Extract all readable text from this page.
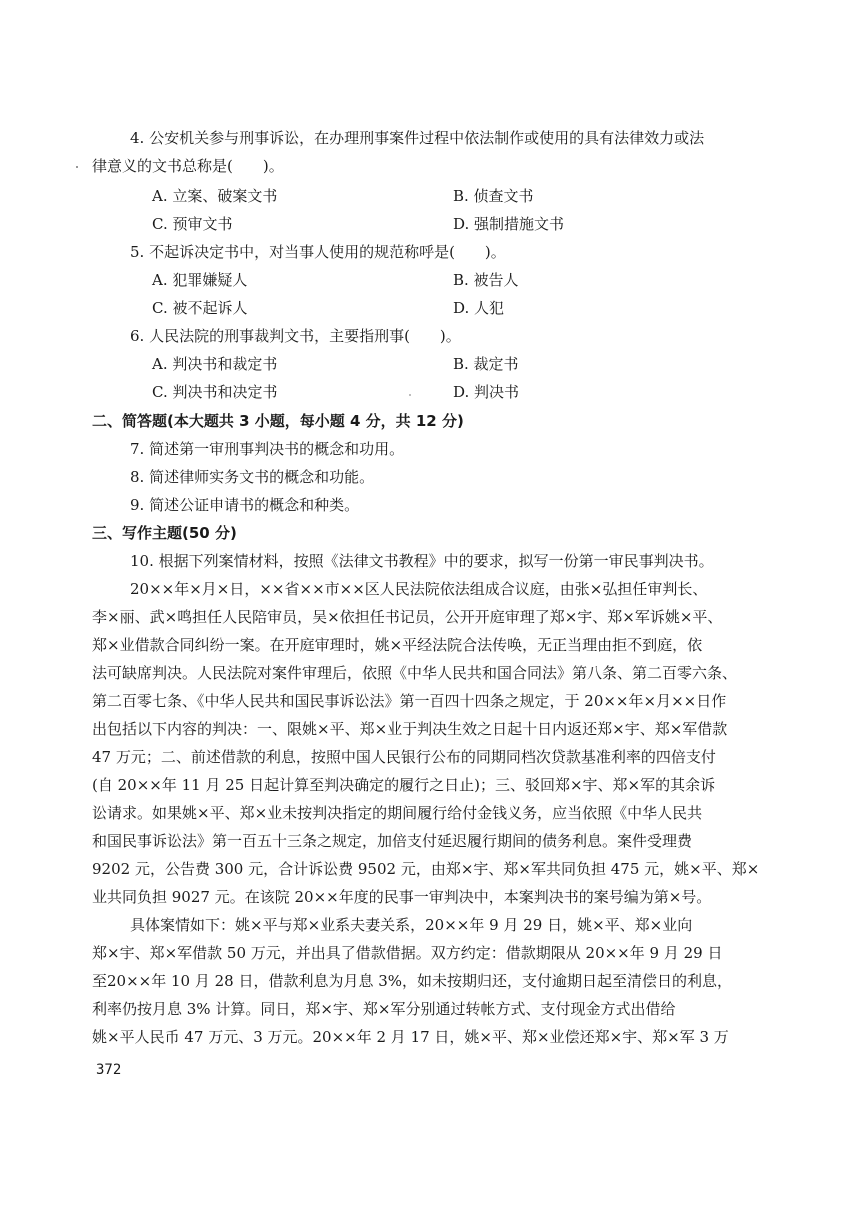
4. 公安机关参与刑事诉讼，在办理刑事案件过程中依法制作或使用的具有法律效力或法
律意义的文书总称是(　　)。
A. 立案、破案文书	B. 侦查文书
C. 预审文书	D. 强制措施文书
5. 不起诉决定书中，对当事人使用的规范称呼是(　　)。
A. 犯罪嫌疑人	B. 被告人
C. 被不起诉人	D. 人犯
6. 人民法院的刑事裁判文书，主要指刑事(　　)。
A. 判决书和裁定书	B. 裁定书
C. 判决书和决定书	D. 判决书
二、简答题(本大题共 3 小题，每小题 4 分，共 12 分)
7. 简述第一审刑事判决书的概念和功用。
8. 简述律师实务文书的概念和功能。
9. 简述公证申请书的概念和种类。
三、写作主题(50 分)
10. 根据下列案情材料，按照《法律文书教程》中的要求，拟写一份第一审民事判决书。
20××年×月×日，××省××市××区人民法院依法组成合议庭，由张×弘担任审判长、
李×丽、武×鸣担任人民陪审员，吴×依担任书记员，公开开庭审理了郑×宇、郑×军诉姚×平、
郑×业借款合同纠纷一案。在开庭审理时，姚×平经法院合法传唤，无正当理由拒不到庭，依
法可缺席判决。人民法院对案件审理后，依照《中华人民共和国合同法》第八条、第二百零六条、
第二百零七条、《中华人民共和国民事诉讼法》第一百四十四条之规定，于 20××年×月××日作
出包括以下内容的判决：一、限姚×平、郑×业于判决生效之日起十日内返还郑×宇、郑×军借款
47 万元；二、前述借款的利息，按照中国人民银行公布的同期同档次贷款基准利率的四倍支付
(自 20××年 11 月 25 日起计算至判决确定的履行之日止)；三、驳回郑×宇、郑×军的其余诉
讼请求。如果姚×平、郑×业未按判决指定的期间履行给付金钱义务，应当依照《中华人民共
和国民事诉讼法》第一百五十三条之规定，加倍支付延迟履行期间的债务利息。案件受理费
9202 元，公告费 300 元，合计诉讼费 9502 元，由郑×宇、郑×军共同负担 475 元，姚×平、郑×
业共同负担 9027 元。在该院 20××年度的民事一审判决中，本案判决书的案号编为第×号。
具体案情如下：姚×平与郑×业系夫妻关系，20××年 9 月 29 日，姚×平、郑×业向
郑×宇、郑×军借款 50 万元，并出具了借款借据。双方约定：借款期限从 20××年 9 月 29 日
至20××年 10 月 28 日，借款利息为月息 3%，如未按期归还，支付逾期日起至清偿日的利息，
利率仍按月息 3% 计算。同日，郑×宇、郑×军分别通过转帐方式、支付现金方式出借给
姚×平人民币 47 万元、3 万元。20××年 2 月 17 日，姚×平、郑×业偿还郑×宇、郑×军 3 万
372
